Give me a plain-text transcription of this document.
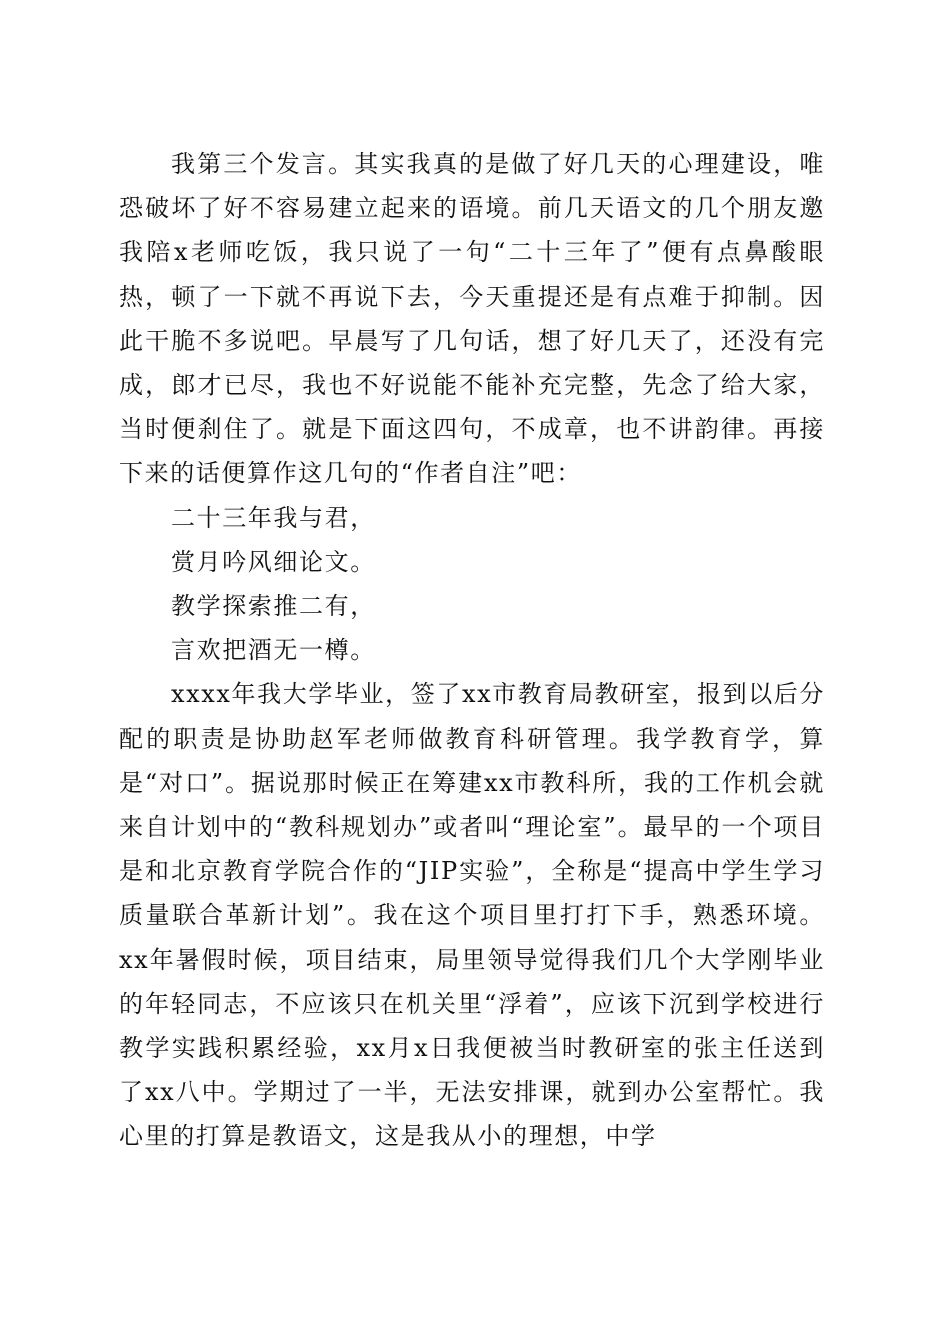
我第三个发言。其实我真的是做了好几天的心理建设，唯恐破坏了好不容易建立起来的语境。前几天语文的几个朋友邀我陪x老师吃饭，我只说了一句“二十三年了”便有点鼻酸眼热，顿了一下就不再说下去，今天重提还是有点难于抑制。因此干脆不多说吧。早晨写了几句话，想了好几天了，还没有完成，郎才已尽，我也不好说能不能补充完整，先念了给大家，当时便刹住了。就是下面这四句，不成章，也不讲韵律。再接下来的话便算作这几句的“作者自注”吧：

二十三年我与君，

赏月吟风细论文。

教学探索推二有，

言欢把酒无一樽。

xxxx年我大学毕业，签了xx市教育局教研室，报到以后分配的职责是协助赵军老师做教育科研管理。我学教育学，算是“对口”。据说那时候正在筹建xx市教科所，我的工作机会就来自计划中的“教科规划办”或者叫“理论室”。最早的一个项目是和北京教育学院合作的“JIP实验”，全称是“提高中学生学习质量联合革新计划”。我在这个项目里打打下手，熟悉环境。xx年暑假时候，项目结束，局里领导觉得我们几个大学刚毕业的年轻同志，不应该只在机关里“浮着”，应该下沉到学校进行教学实践积累经验，xx月x日我便被当时教研室的张主任送到了xx八中。学期过了一半，无法安排课，就到办公室帮忙。我心里的打算是教语文，这是我从小的理想，中学
